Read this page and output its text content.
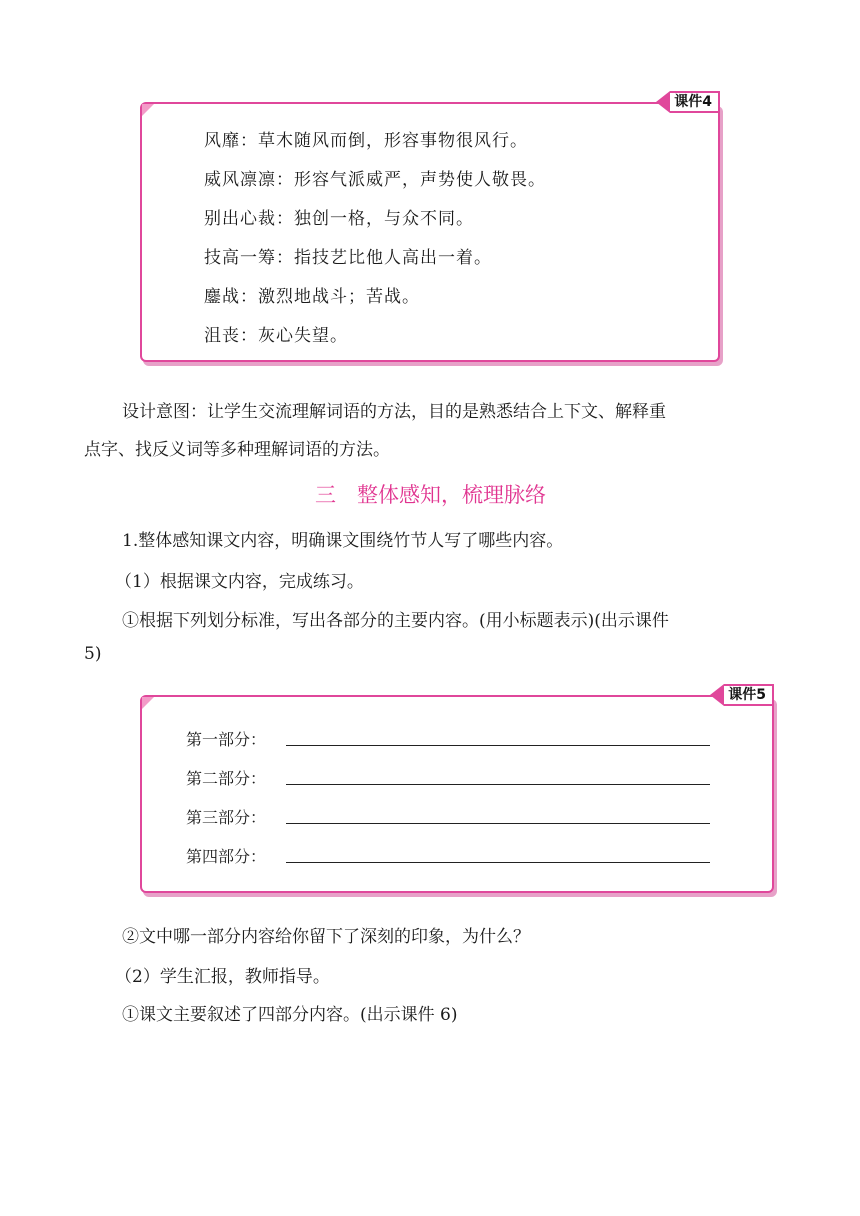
课件4
风靡：草木随风而倒，形容事物很风行。
威风凛凛：形容气派威严，声势使人敬畏。
别出心裁：独创一格，与众不同。
技高一筹：指技艺比他人高出一着。
鏖战：激烈地战斗；苦战。
沮丧：灰心失望。
设计意图：让学生交流理解词语的方法，目的是熟悉结合上下文、解释重
点字、找反义词等多种理解词语的方法。
三　整体感知，梳理脉络
1.整体感知课文内容，明确课文围绕竹节人写了哪些内容。
（1）根据课文内容，完成练习。
①根据下列划分标准，写出各部分的主要内容。(用小标题表示)(出示课件
5)
课件5
第一部分：
第二部分：
第三部分：
第四部分：
②文中哪一部分内容给你留下了深刻的印象，为什么？
（2）学生汇报，教师指导。
①课文主要叙述了四部分内容。(出示课件 6)
